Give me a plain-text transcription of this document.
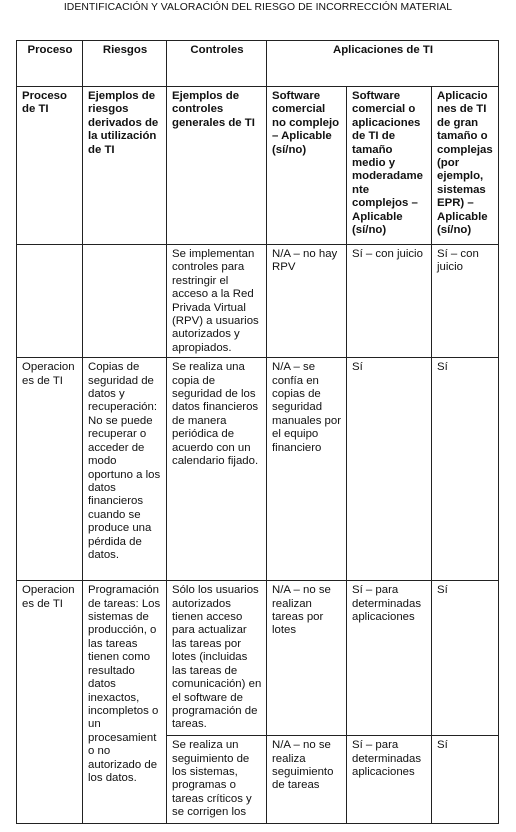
IDENTIFICACIÓN Y VALORACIÓN DEL RIESGO DE INCORRECCIÓN MATERIAL
Proceso	Riesgos	Controles	Aplicaciones de TI		
Proceso de TI	Ejemplos de riesgos derivados de la utilización de TI	Ejemplos de controles generales de TI	Software comercial no complejo – Aplicable (sí/no)	Software comercial o aplicaciones de TI de tamaño medio y moderadamente complejos – Aplicable (sí/no)	Aplicaciones de TI de gran tamaño o complejas (por ejemplo, sistemas EPR) – Aplicable (sí/no)
		Se implementan controles para restringir el acceso a la Red Privada Virtual (RPV) a usuarios autorizados y apropiados.	N/A – no hay RPV	Sí – con juicio	Sí – con juicio
Operaciones de TI	Copias de seguridad de datos y recuperación: No se puede recuperar o acceder de modo oportuno a los datos financieros cuando se produce una pérdida de datos.	Se realiza una copia de seguridad de los datos financieros de manera periódica de acuerdo con un calendario fijado.	N/A – se confía en copias de seguridad manuales por el equipo financiero	Sí	Sí
Operaciones de TI	Programación de tareas: Los sistemas de producción, o las tareas tienen como resultado datos inexactos, incompletos o un procesamiento no autorizado de los datos.	Sólo los usuarios autorizados tienen acceso para actualizar las tareas por lotes (incluidas las tareas de comunicación) en el software de programación de tareas.	N/A – no se realizan tareas por lotes	Sí – para determinadas aplicaciones	Sí
		Se realiza un seguimiento de los sistemas, programas o tareas críticos y se corrigen los	N/A – no se realiza seguimiento de tareas	Sí – para determinadas aplicaciones	Sí
